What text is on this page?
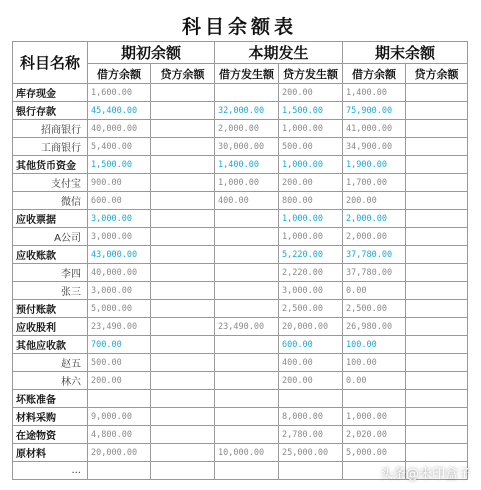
科目余额表
科目名称	期初余额		本期发生		期末余额	
	借方余额	贷方余额	借方发生额	贷方发生额	借方余额	贷方余额
库存现金	1,600.00			200.00	1,400.00	
银行存款	45,400.00		32,000.00	1,500.00	75,900.00	
招商银行	40,000.00		2,000.00	1,000.00	41,000.00	
工商银行	5,400.00		30,000.00	500.00	34,900.00	
其他货币资金	1,500.00		1,400.00	1,000.00	1,900.00	
支付宝	900.00		1,000.00	200.00	1,700.00	
微信	600.00		400.00	800.00	200.00	
应收票据	3,000.00			1,000.00	2,000.00	
A公司	3,000.00			1,000.00	2,000.00	
应收账款	43,000.00			5,220.00	37,780.00	
李四	40,000.00			2,220.00	37,780.00	
张三	3,000.00			3,000.00	0.00	
预付账款	5,000.00			2,500.00	2,500.00	
应收股利	23,490.00		23,490.00	20,000.00	26,980.00	
其他应收款	700.00			600.00	100.00	
赵五	500.00			400.00	100.00	
林六	200.00			200.00	0.00	
坏账准备						
材料采购	9,000.00			8,000.00	1,000.00	
在途物资	4,800.00			2,780.00	2,020.00	
原材料	20,000.00		10,000.00	25,000.00	5,000.00	
...							头条@米印盒子
